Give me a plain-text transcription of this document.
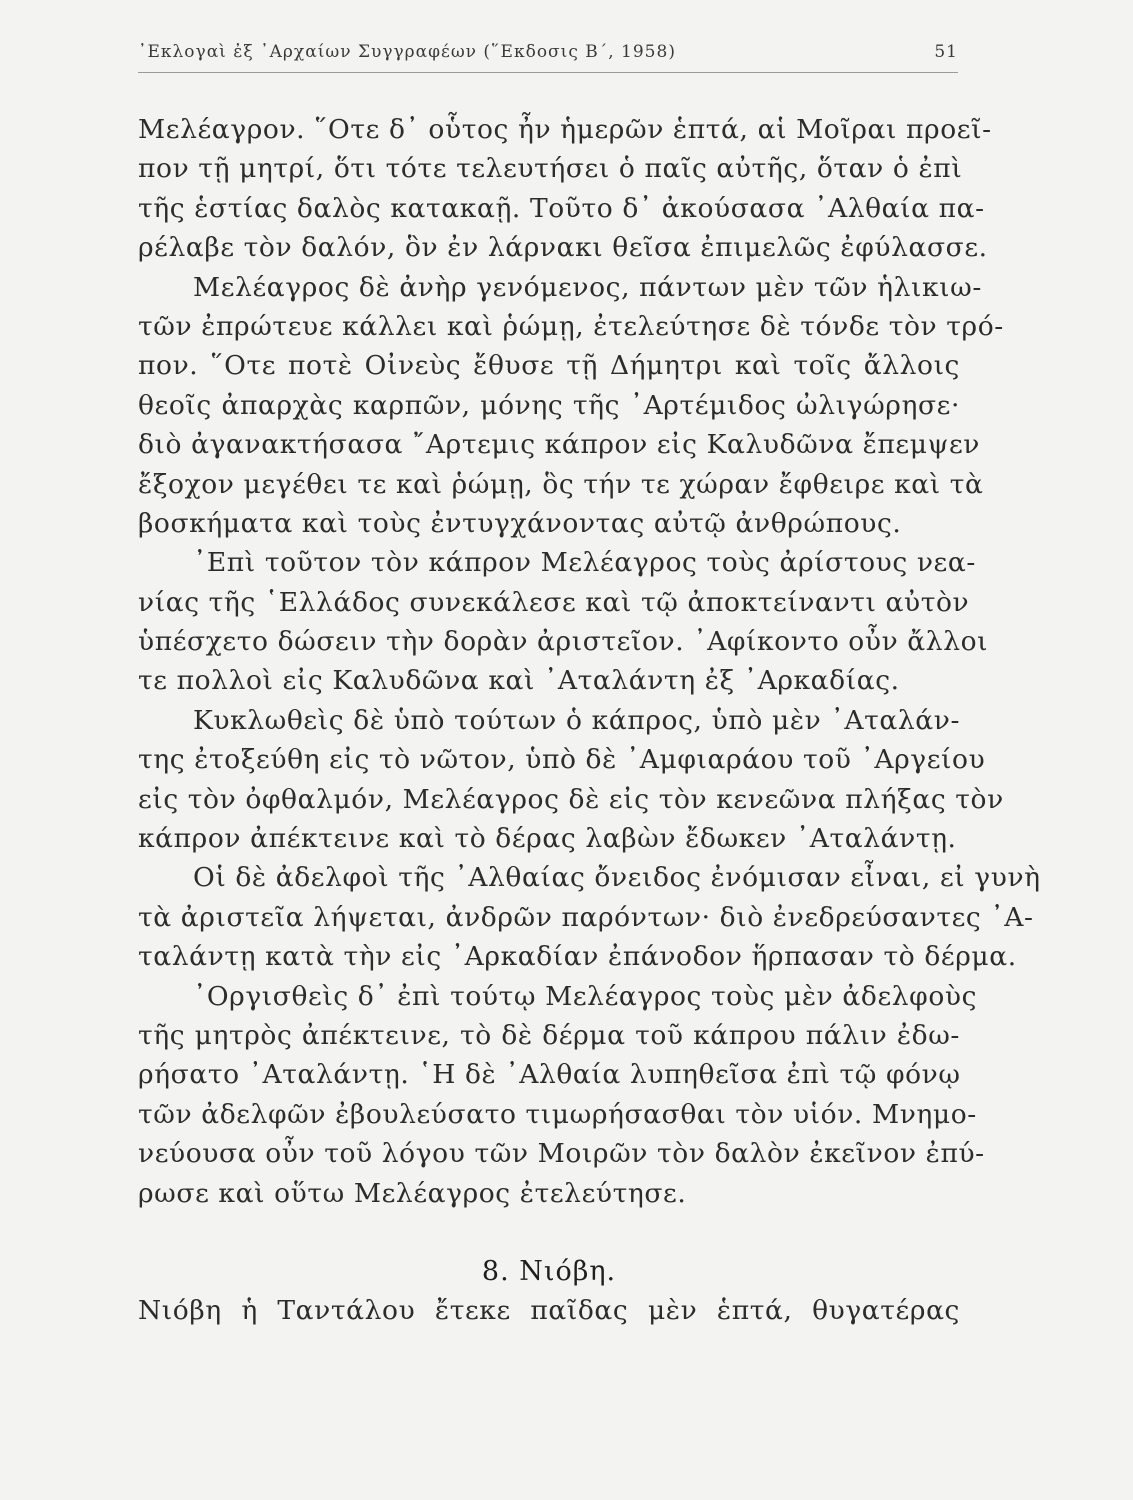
᾿Εκλογαὶ ἐξ ᾿Αρχαίων Συγγραφέων (῞Εκδοσις Β΄, 1958)	51
Μελέαγρον. ῞Οτε δ᾿ οὗτος ἦν ἡμερῶν ἑπτά, αἱ Μοῖραι προεῖ-
πον τῇ μητρί, ὅτι τότε τελευτήσει ὁ παῖς αὐτῆς, ὅταν ὁ ἐπὶ
τῆς ἑστίας δαλὸς κατακαῇ. Τοῦτο δ᾿ ἀκούσασα ᾿Αλθαία πα-
ρέλαβε τὸν δαλόν, ὃν ἐν λάρνακι θεῖσα ἐπιμελῶς ἐφύλασσε.
Μελέαγρος δὲ ἀνὴρ γενόμενος, πάντων μὲν τῶν ἡλικιω-
τῶν ἐπρώτευε κάλλει καὶ ῥώμῃ, ἐτελεύτησε δὲ τόνδε τὸν τρό-
πον. ῞Οτε ποτὲ Οἰνεὺς ἔθυσε τῇ Δήμητρι καὶ τοῖς ἄλλοις
θεοῖς ἀπαρχὰς καρπῶν, μόνης τῆς ᾿Αρτέμιδος ὠλιγώρησε·
διὸ ἀγανακτήσασα ῎Αρτεμις κάπρον εἰς Καλυδῶνα ἔπεμψεν
ἔξοχον μεγέθει τε καὶ ῥώμῃ, ὃς τήν τε χώραν ἔφθειρε καὶ τὰ
βοσκήματα καὶ τοὺς ἐντυγχάνοντας αὐτῷ ἀνθρώπους.
᾿Επὶ τοῦτον τὸν κάπρον Μελέαγρος τοὺς ἀρίστους νεα-
νίας τῆς ῾Ελλάδος συνεκάλεσε καὶ τῷ ἀποκτείναντι αὐτὸν
ὑπέσχετο δώσειν τὴν δορὰν ἀριστεῖον. ᾿Αφίκοντο οὖν ἄλλοι
τε πολλοὶ εἰς Καλυδῶνα καὶ ᾿Αταλάντη ἐξ ᾿Αρκαδίας.
Κυκλωθεὶς δὲ ὑπὸ τούτων ὁ κάπρος, ὑπὸ μὲν ᾿Αταλάν-
της ἐτοξεύθη εἰς τὸ νῶτον, ὑπὸ δὲ ᾿Αμφιαράου τοῦ ᾿Αργείου
εἰς τὸν ὀφθαλμόν, Μελέαγρος δὲ εἰς τὸν κενεῶνα πλήξας τὸν
κάπρον ἀπέκτεινε καὶ τὸ δέρας λαβὼν ἔδωκεν ᾿Αταλάντῃ.
Οἱ δὲ ἀδελφοὶ τῆς ᾿Αλθαίας ὄνειδος ἐνόμισαν εἶναι, εἰ γυνὴ
τὰ ἀριστεῖα λήψεται, ἀνδρῶν παρόντων· διὸ ἐνεδρεύσαντες ᾿Α-
ταλάντῃ κατὰ τὴν εἰς ᾿Αρκαδίαν ἐπάνοδον ἥρπασαν τὸ δέρμα.
᾿Οργισθεὶς δ᾿ ἐπὶ τούτῳ Μελέαγρος τοὺς μὲν ἀδελφοὺς
τῆς μητρὸς ἀπέκτεινε, τὸ δὲ δέρμα τοῦ κάπρου πάλιν ἐδω-
ρήσατο ᾿Αταλάντῃ. ῾Η δὲ ᾿Αλθαία λυπηθεῖσα ἐπὶ τῷ φόνῳ
τῶν ἀδελφῶν ἐβουλεύσατο τιμωρήσασθαι τὸν υἱόν. Μνημο-
νεύουσα οὖν τοῦ λόγου τῶν Μοιρῶν τὸν δαλὸν ἐκεῖνον ἐπύ-
ρωσε καὶ οὕτω Μελέαγρος ἐτελεύτησε.
8. Νιόβη.
Νιόβη ἡ Ταντάλου ἔτεκε παῖδας μὲν ἑπτά, θυγατέρας
